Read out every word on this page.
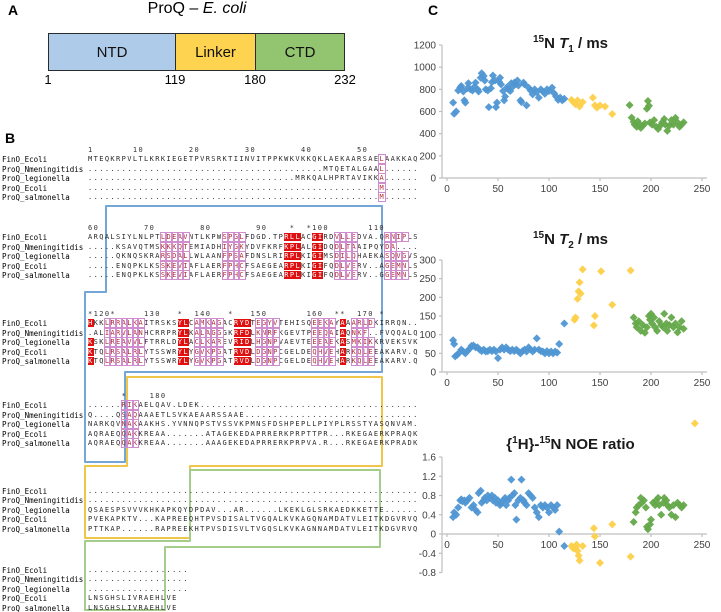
A	ProQ – E. coli
NTD	Linker	CTD
1	119	180	232
B
1       10        20        30        40        50
FinO_Ecoli	MTEQKRPVLTLKRKIEGETPVRSRKTIINVITPPKWKVKKQKLAEKAARSAELAAKKAQ
ProQ_Nmeningitidis ..........................................MTQETALGAAL......
ProQ_legionella	.....................................MRKQALHPRTAVIKKA......
ProQ_Ecoli	....................................................M......
ProQ_salmonella	....................................................M......
60        70        80        90    *  *100       110
FinO_Ecoli	ARQALSIYLNLPTLDEAVNTLKPWSPGLFDGD.TPRLLACGIRDVLLEDVA.QRNIPLS
ProQ_Nmeningitidis .....KSAVQTMSKKKQTEMIADHIYGKYDVFKRFKPLALGIDQDLTAAIPQYDA....
ProQ_legionella	.....QKNQSKRARSDALLWLAANFPSAFDNSLRIRPLKIGIMSDILQHAEKASQVGVS
ProQ_Ecoli	.....ENQPKLKSSKEVIAFLAERFPHCFSAEGEARPLKIGIFQDLVERV..AGEMNLS
ProQ_salmonella	.....ENQPKLKSSKEVIAFLAERFPHCFSAEGEARPLKIGIFQDLVERV..GGEMNLS
*120*     130   *  140   *   150       160  **  170 *
FinO_Ecoli	HKKLRRALKAITRSKSYLCAMKAGACRYDTEGYVTEHISQEEKAYAAARLDKIRRQN..
ProQ_Nmeningitidis .ALIARVLANHCRRPRYLKALAGGGKRFDLKNRFKGEVTPEEQAIAQNKF..FVQQALQ
ProQ_legionella	KSKLREAVVLFTRRLDYLACLKAREVRIDLHGNPVAEVTEEEAEKASMKIKKRVEKSVK
ProQ_Ecoli	KTQLRSALRLYTSSWRYLYGVKPGATRVDLDGNPCGELDEQHVEHARKQLEEAKARV.Q
ProQ_salmonella	KTQLRSALRLYTSSWRYLYGVKPGATRVDLDGNPCGELDEQHVEHARKQLEEAKARV.Q
*    180
FinO_Ecoli	......RIKAELQAV.LDEK.......................................
ProQ_Nmeningitidis Q....QSAQAAAETLSVKAEAARSSAAE...............................
ProQ_legionella	NARKQVNAKAAKHS.YVNNQPSTVSSVKPMNSFDSHPEPLLPIYPLRSSTYASQNVAM.
ProQ_Ecoli	AQRAEQQAKKREAA.......ATAGEKEDAPRRERKPRPTTPR...RKEGAERKPRAQK
ProQ_salmonella	AQRAEQQAKKREAA.......AAAGEKEDAPRRERKPRPVA.R...RKEGAERKPRADK
FinO_Ecoli	...........................................................
ProQ_Nmeningitidis ...........................................................
ProQ_legionella	QSAESPSVVVKHKAPKQYDPDAV...AR......LKEKLGLSRKAEDKKETTE......
ProQ_Ecoli	PVEKAPKTV...KAPREEQHTPVSDISALTVGQALKVKAGQNAMDATVLEITKDGVRVQ
ProQ_salmonella	PTTKAP......RAPREEKHTPVSDISVLTVGQSLKVKAGNNAMDATVLEITKDGVRVQ
FinO_Ecoli	..................
ProQ_Nmeningitidis ..................
ProQ_legionella	..................
ProQ_Ecoli	LNSGHSLIVRAEHLVE
ProQ_salmonella	LNSGHSLIVRAEHLVE
C
$^{15}$N $T_1$ / ms
$^{15}$N $T_2$ / ms
{$^1$H}-$^{15}$N NOE ratio
0
200
400
600
800
1000
1200
0	50	100	150	200	250
0
50
100
150
200
250
300
0	50	100	150	200	250
-0.8
-0.4
0
0.4
0.8
1.2
1.6
0	50	100	150	200	250
